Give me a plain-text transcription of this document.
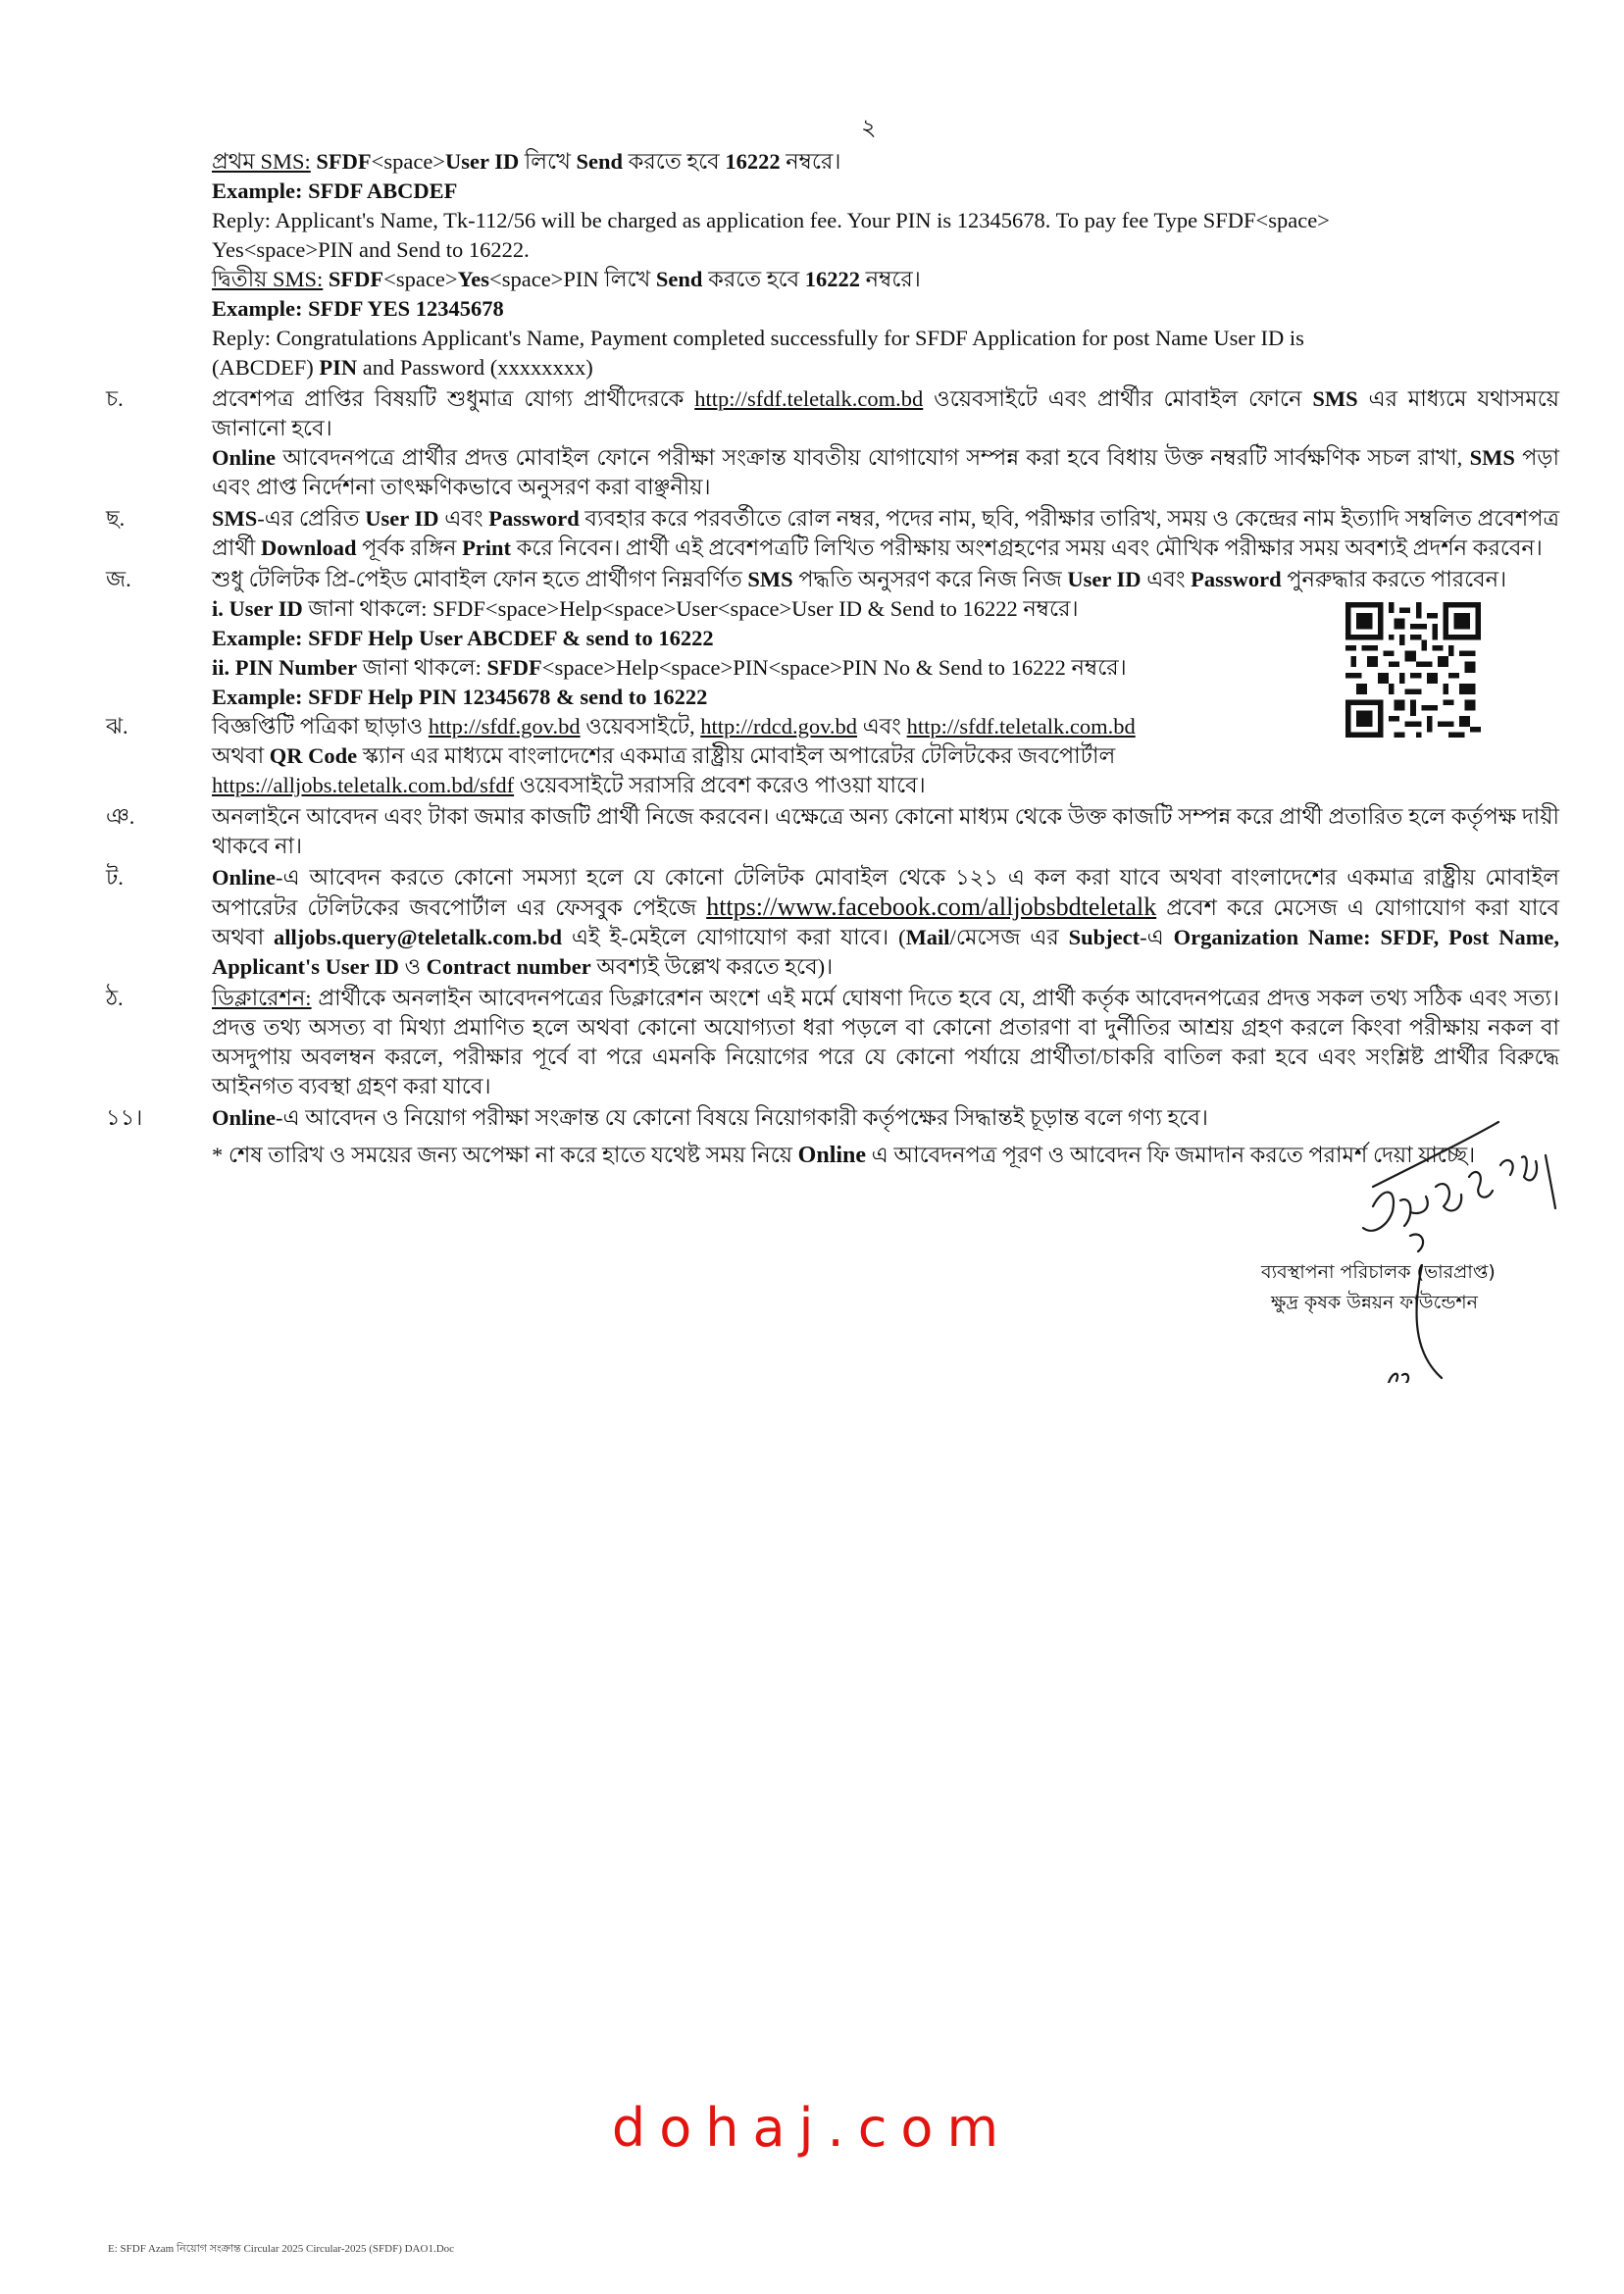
২
প্রথম SMS: SFDF<space>User ID লিখে Send করতে হবে 16222 নম্বরে।
Example: SFDF ABCDEF
Reply: Applicant's Name, Tk-112/56 will be charged as application fee. Your PIN is 12345678. To pay fee Type SFDF<space>
Yes<space>PIN and Send to 16222.
দ্বিতীয় SMS: SFDF<space>Yes<space>PIN লিখে Send করতে হবে 16222 নম্বরে।
Example: SFDF YES 12345678
Reply: Congratulations Applicant's Name, Payment completed successfully for SFDF Application for post Name User ID is
(ABCDEF) PIN and Password (xxxxxxxx)
চ.	প্রবেশপত্র প্রাপ্তির বিষয়টি শুধুমাত্র যোগ্য প্রার্থীদেরকে http://sfdf.teletalk.com.bd ওয়েবসাইটে এবং প্রার্থীর মোবাইল ফোনে SMS এর মাধ্যমে যথাসময়ে জানানো হবে।
Online আবেদনপত্রে প্রার্থীর প্রদত্ত মোবাইল ফোনে পরীক্ষা সংক্রান্ত যাবতীয় যোগাযোগ সম্পন্ন করা হবে বিধায় উক্ত নম্বরটি সার্বক্ষণিক সচল রাখা, SMS পড়া এবং প্রাপ্ত নির্দেশনা তাৎক্ষণিকভাবে অনুসরণ করা বাঞ্ছনীয়।
ছ.	SMS-এর প্রেরিত User ID এবং Password ব্যবহার করে পরবর্তীতে রোল নম্বর, পদের নাম, ছবি, পরীক্ষার তারিখ, সময় ও কেন্দ্রের নাম ইত্যাদি সম্বলিত প্রবেশপত্র প্রার্থী Download পূর্বক রঙ্গিন Print করে নিবেন। প্রার্থী এই প্রবেশপত্রটি লিখিত পরীক্ষায় অংশগ্রহণের সময় এবং মৌখিক পরীক্ষার সময় অবশ্যই প্রদর্শন করবেন।
জ.	শুধু টেলিটক প্রি-পেইড মোবাইল ফোন হতে প্রার্থীগণ নিম্নবর্ণিত SMS পদ্ধতি অনুসরণ করে নিজ নিজ User ID এবং Password পুনরুদ্ধার করতে পারবেন।
i. User ID জানা থাকলে: SFDF<space>Help<space>User<space>User ID & Send to 16222 নম্বরে।
Example: SFDF Help User ABCDEF & send to 16222
ii. PIN Number জানা থাকলে: SFDF<space>Help<space>PIN<space>PIN No & Send to 16222 নম্বরে।
Example: SFDF Help PIN 12345678 & send to 16222
ঝ.	বিজ্ঞপ্তিটি পত্রিকা ছাড়াও http://sfdf.gov.bd ওয়েবসাইটে, http://rdcd.gov.bd এবং http://sfdf.teletalk.com.bd
অথবা QR Code স্ক্যান এর মাধ্যমে বাংলাদেশের একমাত্র রাষ্ট্রীয় মোবাইল অপারেটর টেলিটকের জবপোর্টাল
https://alljobs.teletalk.com.bd/sfdf ওয়েবসাইটে সরাসরি প্রবেশ করেও পাওয়া যাবে।
ঞ.	অনলাইনে আবেদন এবং টাকা জমার কাজটি প্রার্থী নিজে করবেন। এক্ষেত্রে অন্য কোনো মাধ্যম থেকে উক্ত কাজটি সম্পন্ন করে প্রার্থী প্রতারিত হলে কর্তৃপক্ষ দায়ী থাকবে না।
ট.	Online-এ আবেদন করতে কোনো সমস্যা হলে যে কোনো টেলিটক মোবাইল থেকে ১২১ এ কল করা যাবে অথবা বাংলাদেশের একমাত্র রাষ্ট্রীয় মোবাইল অপারেটর টেলিটকের জবপোর্টাল এর ফেসবুক পেইজে https://www.facebook.com/alljobsbdteletalk প্রবেশ করে মেসেজ এ যোগাযোগ করা যাবে অথবা alljobs.query@teletalk.com.bd এই ই-মেইলে যোগাযোগ করা যাবে। (Mail/মেসেজ এর Subject-এ Organization Name: SFDF, Post Name, Applicant's User ID ও Contract number অবশ্যই উল্লেখ করতে হবে)।
ঠ.	ডিক্লারেশন: প্রার্থীকে অনলাইন আবেদনপত্রের ডিক্লারেশন অংশে এই মর্মে ঘোষণা দিতে হবে যে, প্রার্থী কর্তৃক আবেদনপত্রের প্রদত্ত সকল তথ্য সঠিক এবং সত্য। প্রদত্ত তথ্য অসত্য বা মিথ্যা প্রমাণিত হলে অথবা কোনো অযোগ্যতা ধরা পড়লে বা কোনো প্রতারণা বা দুর্নীতির আশ্রয় গ্রহণ করলে কিংবা পরীক্ষায় নকল বা অসদুপায় অবলম্বন করলে, পরীক্ষার পূর্বে বা পরে এমনকি নিয়োগের পরে যে কোনো পর্যায়ে প্রার্থীতা/চাকরি বাতিল করা হবে এবং সংশ্লিষ্ট প্রার্থীর বিরুদ্ধে আইনগত ব্যবস্থা গ্রহণ করা যাবে।
১১।	Online-এ আবেদন ও নিয়োগ পরীক্ষা সংক্রান্ত যে কোনো বিষয়ে নিয়োগকারী কর্তৃপক্ষের সিদ্ধান্তই চূড়ান্ত বলে গণ্য হবে।
* শেষ তারিখ ও সময়ের জন্য অপেক্ষা না করে হাতে যথেষ্ট সময় নিয়ে Online এ আবেদনপত্র পূরণ ও আবেদন ফি জমাদান করতে পরামর্শ দেয়া যাচ্ছে।
ব্যবস্থাপনা পরিচালক (ভারপ্রাপ্ত)
ক্ষুদ্র কৃষক উন্নয়ন ফাউন্ডেশন
dohaj.com
E: SFDF Azam নিয়োগ সংক্রান্ত Circular 2025 Circular-2025 (SFDF) DAO1.Doc
